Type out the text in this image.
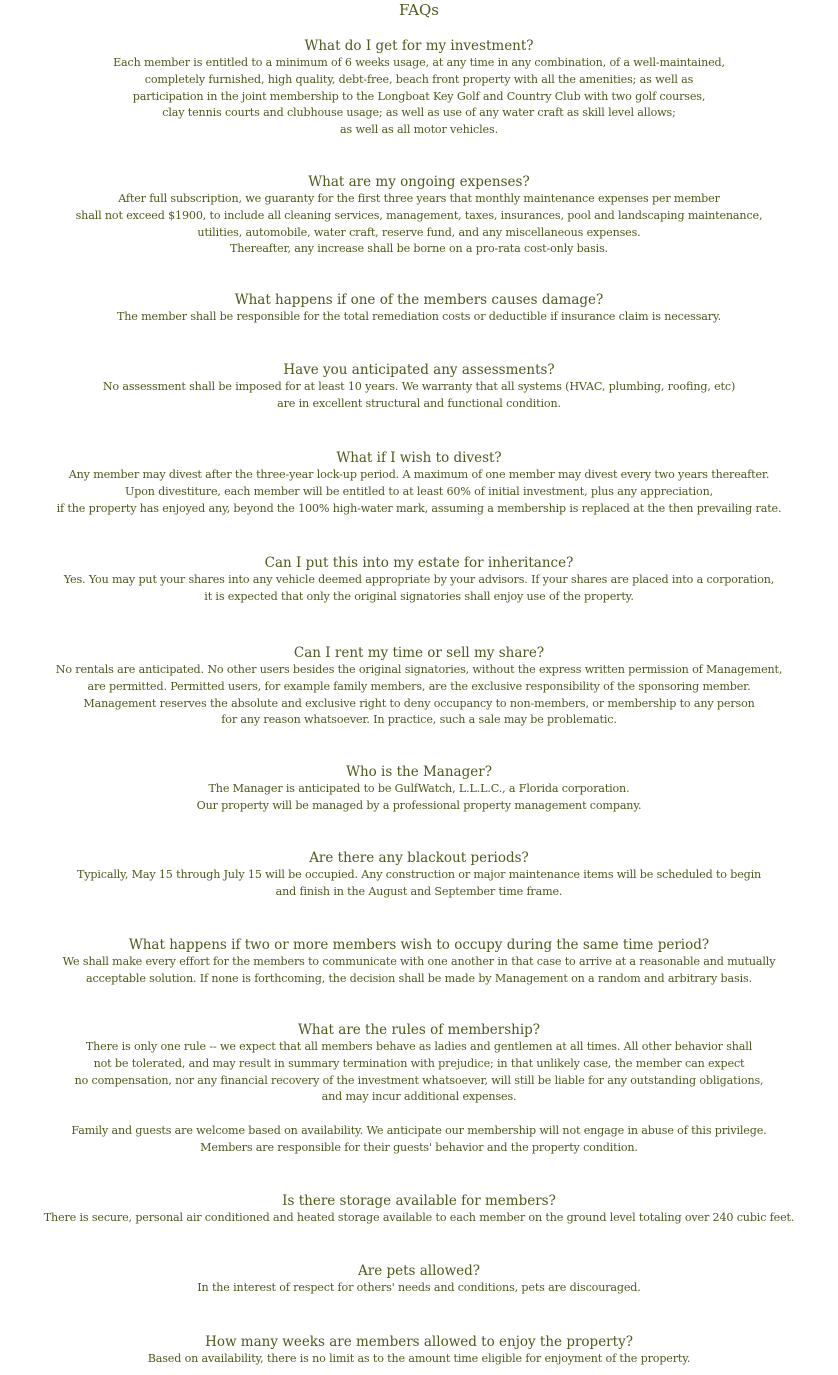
FAQs

What do I get for my investment?

Each member is entitled to a minimum of 6 weeks usage, at any time in any combination, of a well-maintained,
completely furnished, high quality, debt-free, beach front property with all the amenities; as well as
participation in the joint membership to the Longboat Key Golf and Country Club with two golf courses,
clay tennis courts and clubhouse usage; as well as use of any water craft as skill level allows;
as well as all motor vehicles.

What are my ongoing expenses?

After full subscription, we guaranty for the first three years that monthly maintenance expenses per member
shall not exceed $1900, to include all cleaning services, management, taxes, insurances, pool and landscaping maintenance,
utilities, automobile, water craft, reserve fund, and any miscellaneous expenses.
Thereafter, any increase shall be borne on a pro-rata cost-only basis.

What happens if one of the members causes damage?

The member shall be responsible for the total remediation costs or deductible if insurance claim is necessary.

Have you anticipated any assessments?

No assessment shall be imposed for at least 10 years. We warranty that all systems (HVAC, plumbing, roofing, etc)
are in excellent structural and functional condition.

What if I wish to divest?

Any member may divest after the three-year lock-up period. A maximum of one member may divest every two years thereafter.
Upon divestiture, each member will be entitled to at least 60% of initial investment, plus any appreciation,
if the property has enjoyed any, beyond the 100% high-water mark, assuming a membership is replaced at the then prevailing rate.

Can I put this into my estate for inheritance?

Yes. You may put your shares into any vehicle deemed appropriate by your advisors. If your shares are placed into a corporation,
it is expected that only the original signatories shall enjoy use of the property.

Can I rent my time or sell my share?

No rentals are anticipated. No other users besides the original signatories, without the express written permission of Management,
are permitted. Permitted users, for example family members, are the exclusive responsibility of the sponsoring member.
Management reserves the absolute and exclusive right to deny occupancy to non-members, or membership to any person
for any reason whatsoever. In practice, such a sale may be problematic.

Who is the Manager?

The Manager is anticipated to be GulfWatch, L.L.L.C., a Florida corporation.
Our property will be managed by a professional property management company.

Are there any blackout periods?

Typically, May 15 through July 15 will be occupied. Any construction or major maintenance items will be scheduled to begin
and finish in the August and September time frame.

What happens if two or more members wish to occupy during the same time period?

We shall make every effort for the members to communicate with one another in that case to arrive at a reasonable and mutually
acceptable solution. If none is forthcoming, the decision shall be made by Management on a random and arbitrary basis.

What are the rules of membership?

There is only one rule -- we expect that all members behave as ladies and gentlemen at all times. All other behavior shall
not be tolerated, and may result in summary termination with prejudice; in that unlikely case, the member can expect
no compensation, nor any financial recovery of the investment whatsoever, will still be liable for any outstanding obligations,
and may incur additional expenses.
Family and guests are welcome based on availability. We anticipate our membership will not engage in abuse of this privilege.
Members are responsible for their guests' behavior and the property condition.

Is there storage available for members?

There is secure, personal air conditioned and heated storage available to each member on the ground level totaling over 240 cubic feet.

Are pets allowed?

In the interest of respect for others' needs and conditions, pets are discouraged.

How many weeks are members allowed to enjoy the property?

Based on availability, there is no limit as to the amount time eligible for enjoyment of the property.
